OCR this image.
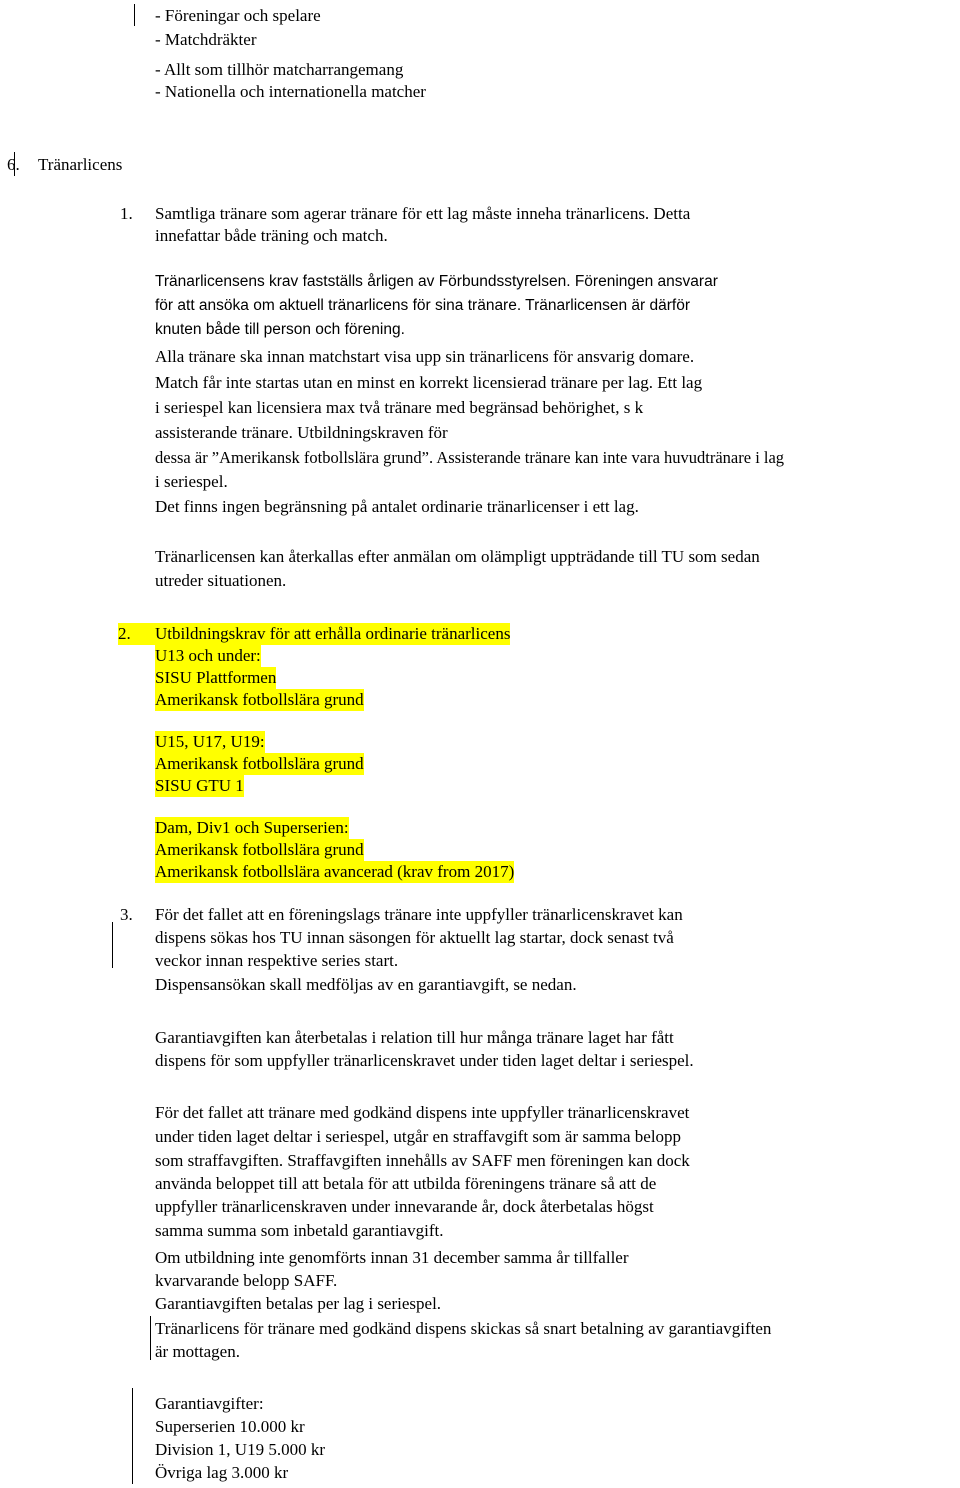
- Föreningar och spelare

- Matchdräkter

- Allt som tillhör matcharrangemang

- Nationella och internationella matcher

6. Tränarlicens

1. Samtliga tränare som agerar tränare för ett lag måste inneha tränarlicens. Detta

innefattar både träning och match.

Tränarlicensens krav fastställs årligen av Förbundsstyrelsen. Föreningen ansvarar

för att ansöka om aktuell tränarlicens för sina tränare. Tränarlicensen är därför

knuten både till person och förening.

Alla tränare ska innan matchstart visa upp sin tränarlicens för ansvarig domare.

Match får inte startas utan en minst en korrekt licensierad tränare per lag. Ett lag

i seriespel kan licensiera max två tränare med begränsad behörighet, s k

assisterande tränare. Utbildningskraven för

dessa är ”Amerikansk fotbollslära grund”. Assisterande tränare kan inte vara huvudtränare i lag

i seriespel.

Det finns ingen begränsning på antalet ordinarie tränarlicenser i ett lag.

Tränarlicensen kan återkallas efter anmälan om olämpligt uppträdande till TU som sedan

utreder situationen.

2.	Utbildningskrav för att erhålla ordinarie tränarlicens

U13 och under:

SISU Plattformen

Amerikansk fotbollslära grund

U15, U17, U19:

Amerikansk fotbollslära grund

SISU GTU 1

Dam, Div1 och Superserien:

Amerikansk fotbollslära grund

Amerikansk fotbollslära avancerad (krav from 2017)

3. För det fallet att en föreningslags tränare inte uppfyller tränarlicenskravet kan

dispens sökas hos TU innan säsongen för aktuellt lag startar, dock senast två

veckor innan respektive series start.

Dispensansökan skall medföljas av en garantiavgift, se nedan.

Garantiavgiften kan återbetalas i relation till hur många tränare laget har fått

dispens för som uppfyller tränarlicenskravet under tiden laget deltar i seriespel.

För det fallet att tränare med godkänd dispens inte uppfyller tränarlicenskravet

under tiden laget deltar i seriespel, utgår en straffavgift som är samma belopp

som straffavgiften. Straffavgiften innehålls av SAFF men föreningen kan dock

använda beloppet till att betala för att utbilda föreningens tränare så att de

uppfyller tränarlicenskraven under innevarande år, dock återbetalas högst

samma summa som inbetald garantiavgift.

Om utbildning inte genomförts innan 31 december samma år tillfaller

kvarvarande belopp SAFF.

Garantiavgiften betalas per lag i seriespel.

Tränarlicens för tränare med godkänd dispens skickas så snart betalning av garantiavgiften

är mottagen.

Garantiavgifter:

Superserien 10.000 kr

Division 1, U19 5.000 kr

Övriga lag 3.000 kr
